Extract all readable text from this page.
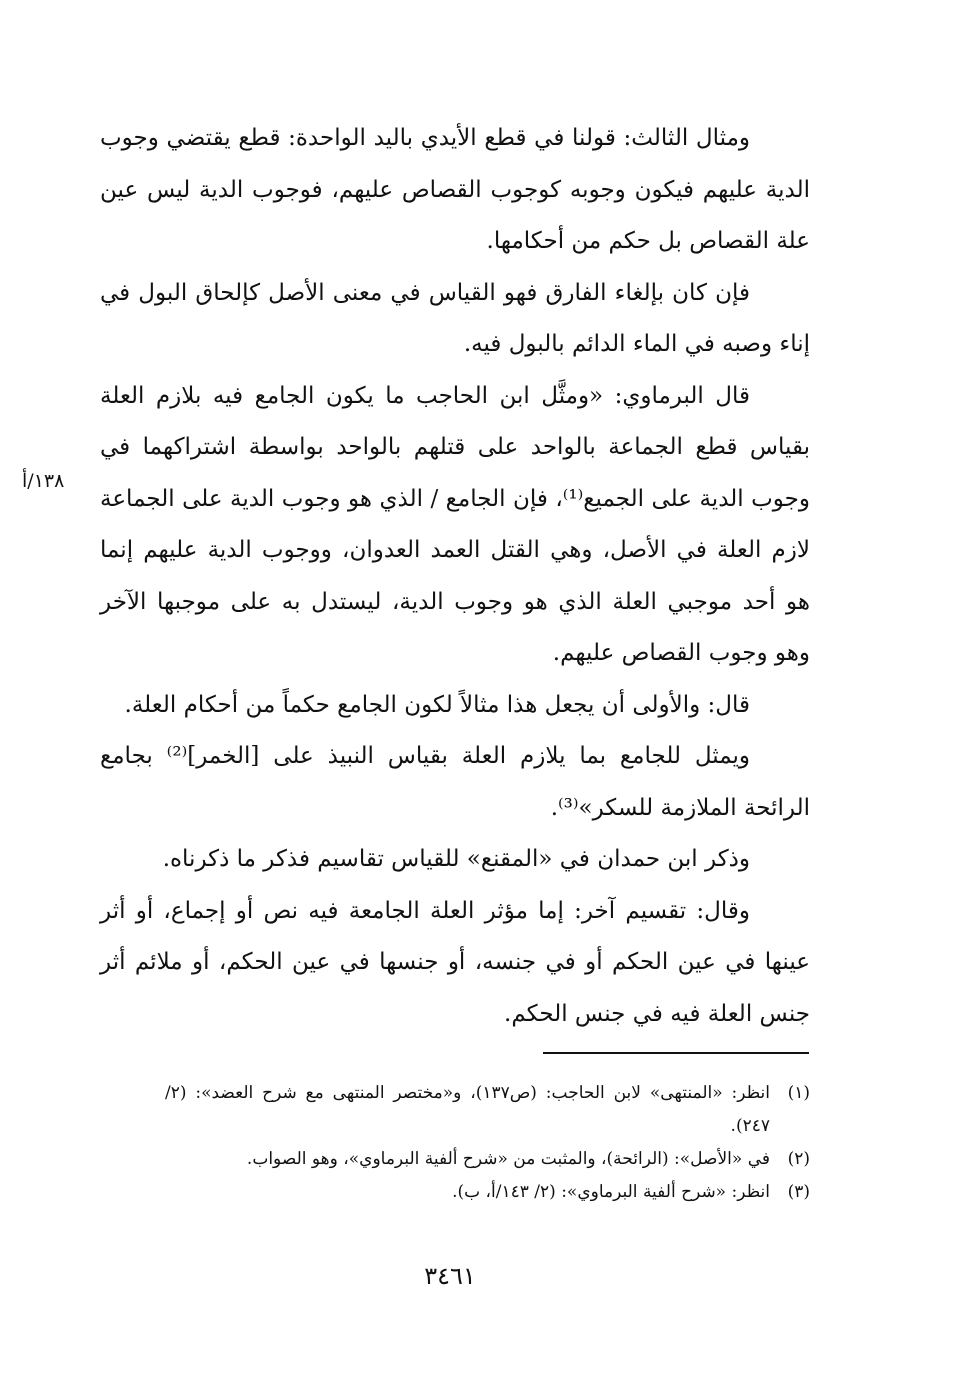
ومثال الثالث: قولنا في قطع الأيدي باليد الواحدة: قطع يقتضي وجوب الدية عليهم فيكون وجوبه كوجوب القصاص عليهم، فوجوب الدية ليس عين علة القصاص بل حكم من أحكامها.

فإن كان بإلغاء الفارق فهو القياس في معنى الأصل كإلحاق البول في إناء وصبه في الماء الدائم بالبول فيه.

قال البرماوي: «ومثَّل ابن الحاجب ما يكون الجامع فيه بلازم العلة بقياس قطع الجماعة بالواحد على قتلهم بالواحد بواسطة اشتراكهما في وجوب الدية على الجميع⁽¹⁾، فإن الجامع / الذي هو وجوب الدية على الجماعة لازم العلة في الأصل، وهي القتل العمد العدوان، ووجوب الدية عليهم إنما هو أحد موجبي العلة الذي هو وجوب الدية، ليستدل به على موجبها الآخر وهو وجوب القصاص عليهم.

قال: والأولى أن يجعل هذا مثالاً لكون الجامع حكماً من أحكام العلة.

ويمثل للجامع بما يلازم العلة بقياس النبيذ على [الخمر]⁽²⁾ بجامع الرائحة الملازمة للسكر»⁽³⁾.

وذكر ابن حمدان في «المقنع» للقياس تقاسيم فذكر ما ذكرناه.

وقال: تقسيم آخر: إما مؤثر العلة الجامعة فيه نص أو إجماع، أو أثر عينها في عين الحكم أو في جنسه، أو جنسها في عين الحكم، أو ملائم أثر جنس العلة فيه في جنس الحكم.

١٣٨/أ
(١)
انظر: «المنتهى» لابن الحاجب: (ص١٣٧)، و«مختصر المنتهى مع شرح العضد»: (٢/ ٢٤٧).
(٢)
في «الأصل»: (الرائحة)، والمثبت من «شرح ألفية البرماوي»، وهو الصواب.
(٣)
انظر: «شرح ألفية البرماوي»: (٢/ ١٤٣/أ، ب).
٣٤٦١
